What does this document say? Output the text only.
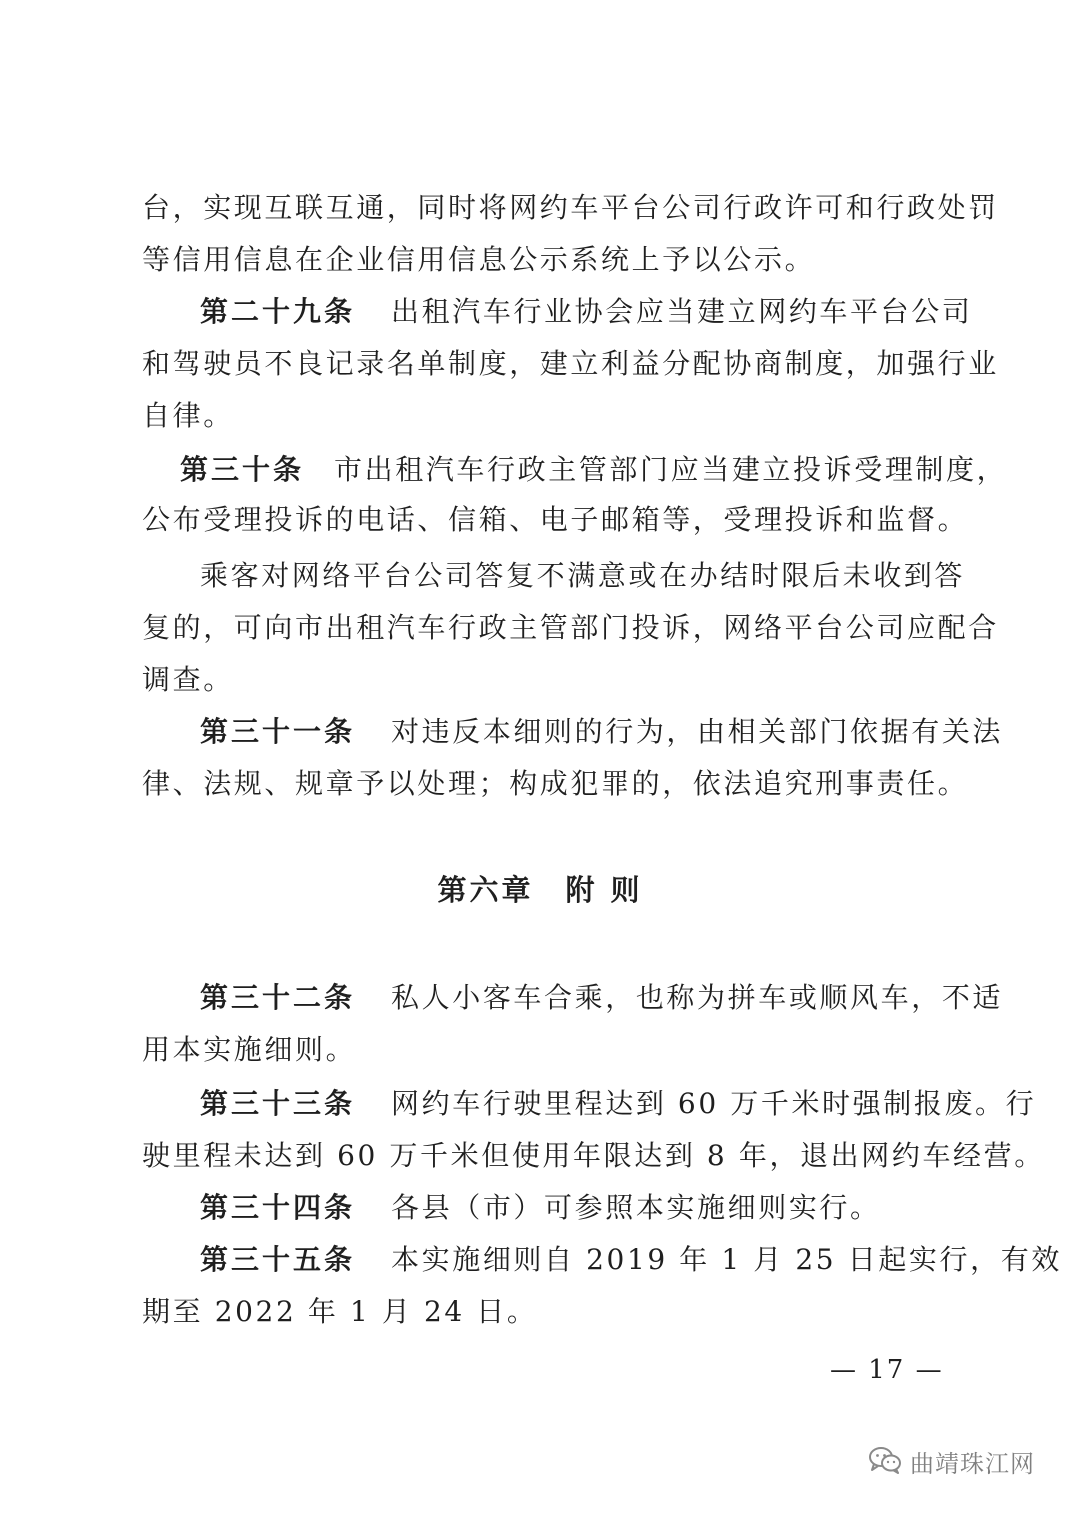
台，实现互联互通，同时将网约车平台公司行政许可和行政处罚
等信用信息在企业信用信息公示系统上予以公示。
第二十九条 出租汽车行业协会应当建立网约车平台公司
和驾驶员不良记录名单制度，建立利益分配协商制度，加强行业
自律。
第三十条 市出租汽车行政主管部门应当建立投诉受理制度，
公布受理投诉的电话、信箱、电子邮箱等，受理投诉和监督。
乘客对网络平台公司答复不满意或在办结时限后未收到答
复的，可向市出租汽车行政主管部门投诉，网络平台公司应配合
调查。
第三十一条 对违反本细则的行为，由相关部门依据有关法
律、法规、规章予以处理；构成犯罪的，依法追究刑事责任。
第六章　附 则
第三十二条 私人小客车合乘，也称为拼车或顺风车，不适
用本实施细则。
第三十三条 网约车行驶里程达到 60 万千米时强制报废。行
驶里程未达到 60 万千米但使用年限达到 8 年，退出网约车经营。
第三十四条 各县（市）可参照本实施细则实行。
第三十五条 本实施细则自 2019 年 1 月 25 日起实行，有效
期至 2022 年 1 月 24 日。
— 17 —
曲靖珠江网
